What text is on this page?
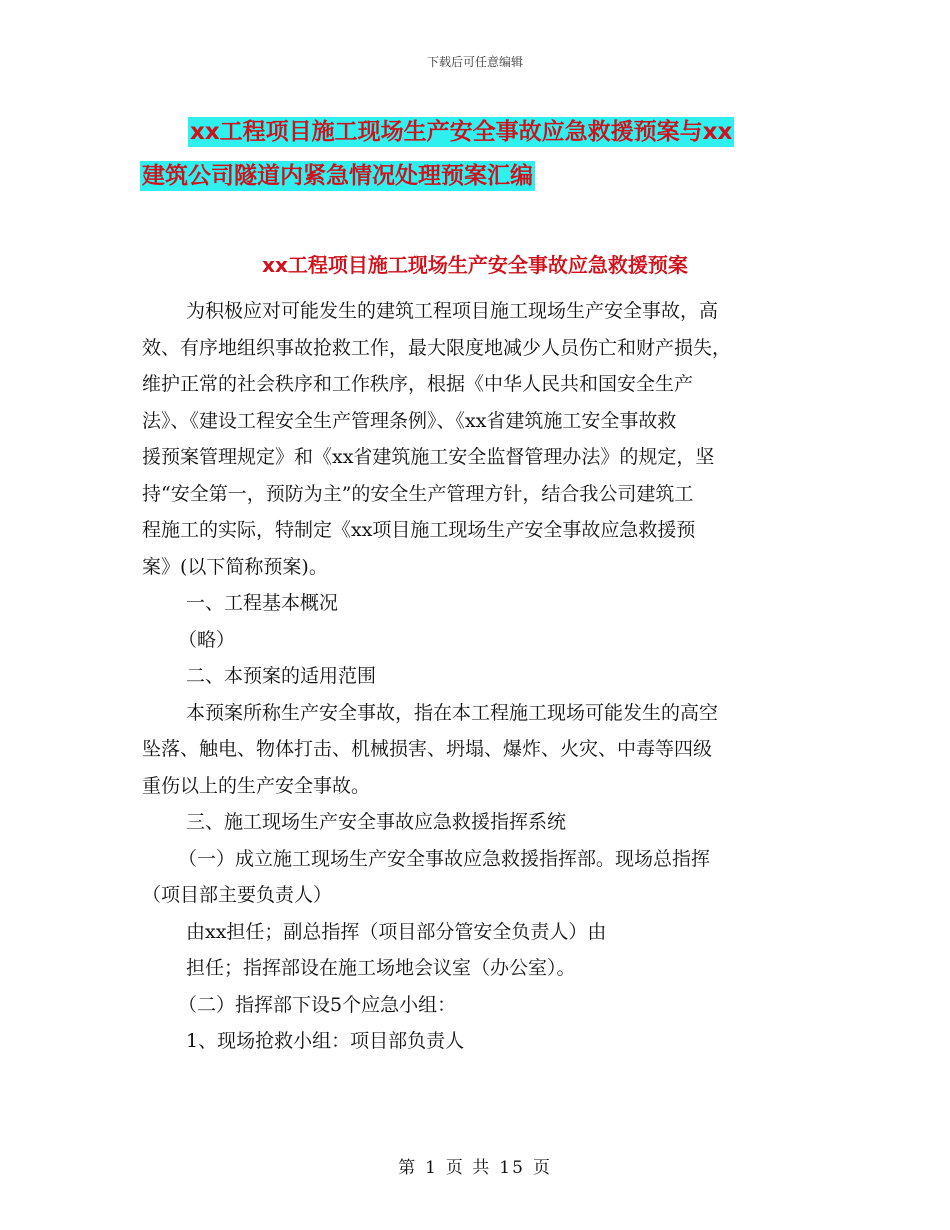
下载后可任意编辑
xx工程项目施工现场生产安全事故应急救援预案与xx
建筑公司隧道内紧急情况处理预案汇编
xx工程项目施工现场生产安全事故应急救援预案
为积极应对可能发生的建筑工程项目施工现场生产安全事故，高
效、有序地组织事故抢救工作，最大限度地减少人员伤亡和财产损失，
维护正常的社会秩序和工作秩序，根据《中华人民共和国安全生产
法》、《建设工程安全生产管理条例》、《xx省建筑施工安全事故救
援预案管理规定》和《xx省建筑施工安全监督管理办法》的规定，坚
持“安全第一，预防为主”的安全生产管理方针，结合我公司建筑工
程施工的实际，特制定《xx项目施工现场生产安全事故应急救援预
案》(以下简称预案)。
一、工程基本概况
（略）
二、本预案的适用范围
本预案所称生产安全事故，指在本工程施工现场可能发生的高空
坠落、触电、物体打击、机械损害、坍塌、爆炸、火灾、中毒等四级
重伤以上的生产安全事故。
三、施工现场生产安全事故应急救援指挥系统
（一）成立施工现场生产安全事故应急救援指挥部。现场总指挥
（项目部主要负责人）
由xx担任；副总指挥（项目部分管安全负责人）由
担任；指挥部设在施工场地会议室（办公室）。
（二）指挥部下设5个应急小组：
1、现场抢救小组：项目部负责人
第 1 页 共 15 页
